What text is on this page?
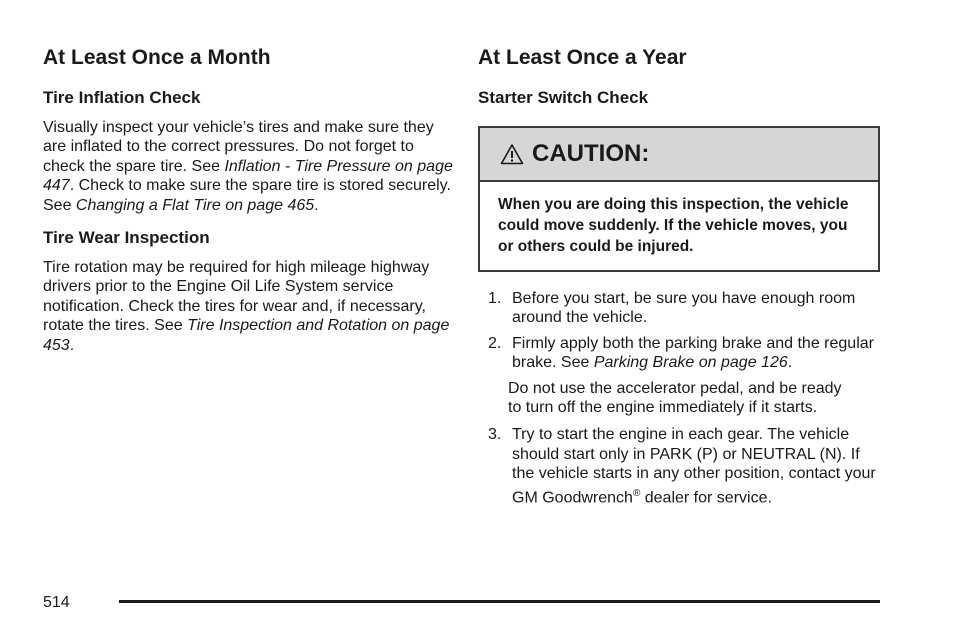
At Least Once a Month
Tire Inflation Check

Visually inspect your vehicle’s tires and make sure they are inflated to the correct pressures. Do not forget to check the spare tire. See Inflation - Tire Pressure on page 447. Check to make sure the spare tire is stored securely. See Changing a Flat Tire on page 465.

Tire Wear Inspection

Tire rotation may be required for high mileage highway drivers prior to the Engine Oil Life System service notification. Check the tires for wear and, if necessary, rotate the tires. See Tire Inspection and Rotation on page 453.

At Least Once a Year
Starter Switch Check
CAUTION:
When you are doing this inspection, the vehicle could move suddenly. If the vehicle moves, you or others could be injured.
1. Before you start, be sure you have enough room around the vehicle.
2. Firmly apply both the parking brake and the regular brake. See Parking Brake on page 126.

Do not use the accelerator pedal, and be ready to turn off the engine immediately if it starts.

3. Try to start the engine in each gear. The vehicle should start only in PARK (P) or NEUTRAL (N). If the vehicle starts in any other position, contact your GM Goodwrench® dealer for service.
514
